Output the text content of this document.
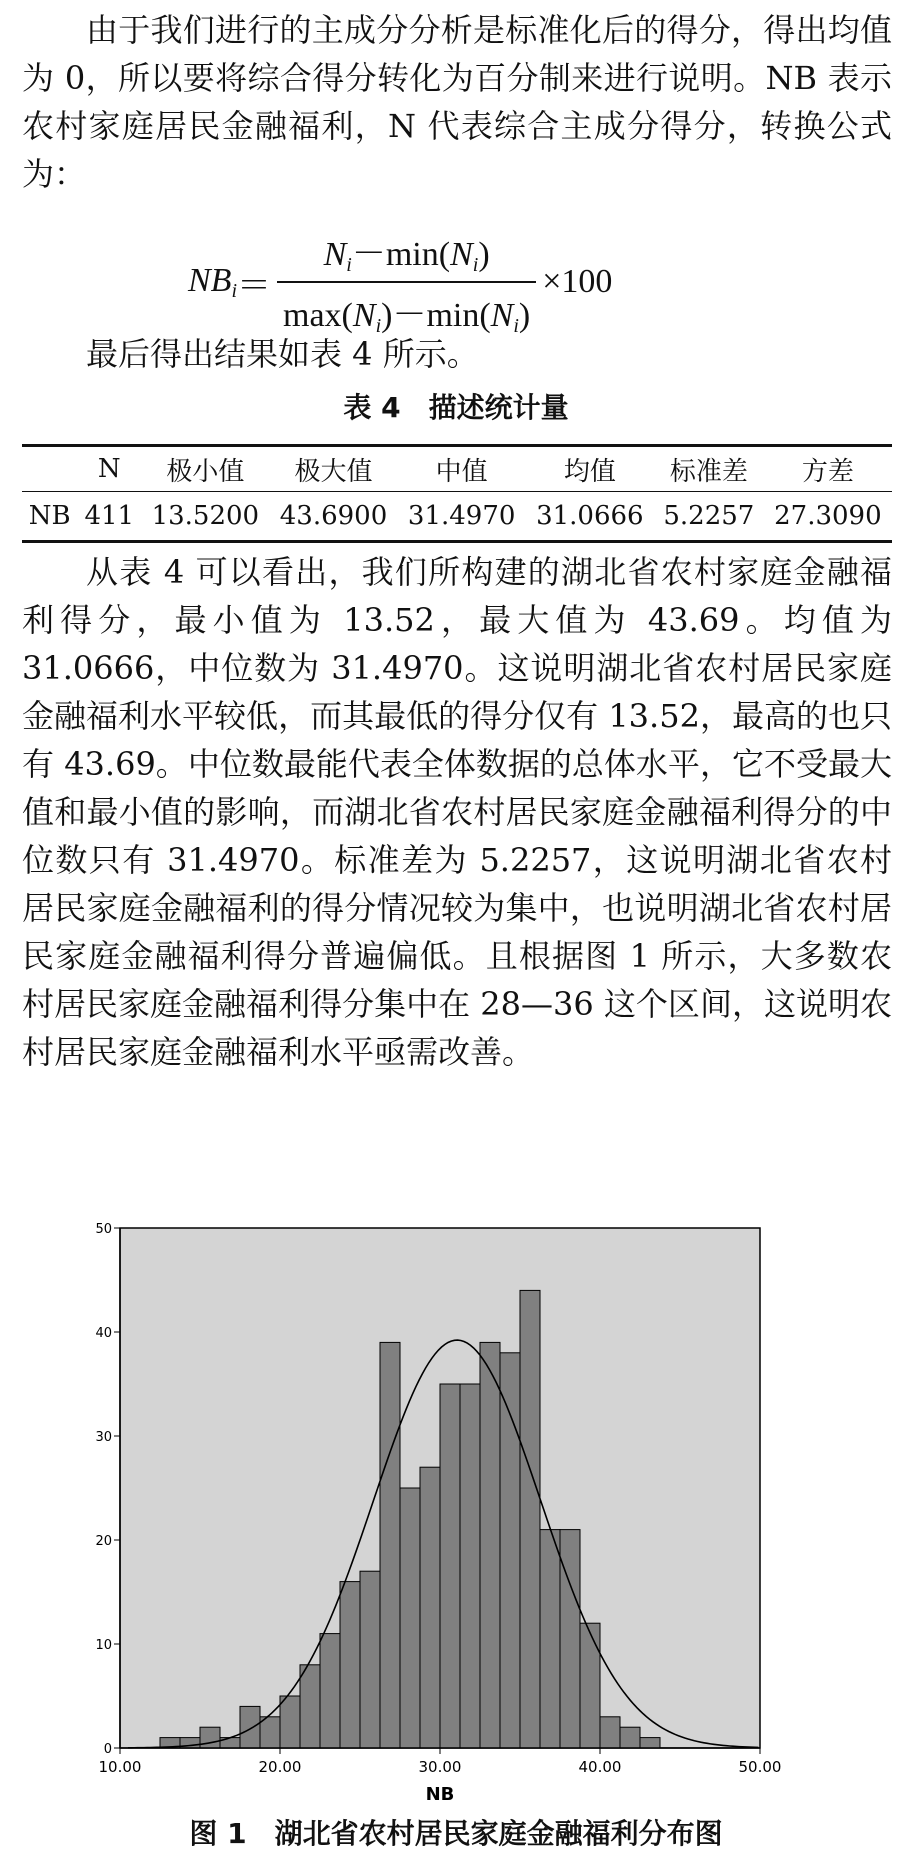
由于我们进行的主成分分析是标准化后的得分，得出均值为 0，所以要将综合得分转化为百分制来进行说明。NB 表示农村家庭居民金融福利，N 代表综合主成分得分，转换公式为：

$NB_i = \frac{N_i-\min(N_i)}{\max(N_i)-\min(N_i)} \times 100$

最后得出结果如表 4 所示。

表 4　描述统计量
	N	极小值	极大值	中值	均值	标准差	方差
NB	411	13.5200	43.6900	31.4970	31.0666	5.2257	27.3090

从表 4 可以看出，我们所构建的湖北省农村家庭金融福利得分，最小值为 13.52，最大值为 43.69。均值为 31.0666，中位数为 31.4970。这说明湖北省农村居民家庭金融福利水平较低，而其最低的得分仅有 13.52，最高的也只有 43.69。中位数最能代表全体数据的总体水平，它不受最大值和最小值的影响，而湖北省农村居民家庭金融福利得分的中位数只有 31.4970。标准差为 5.2257，这说明湖北省农村居民家庭金融福利的得分情况较为集中，也说明湖北省农村居民家庭金融福利得分普遍偏低。且根据图 1 所示，大多数农村居民家庭金融福利得分集中在 28—36 这个区间，这说明农村居民家庭金融福利水平亟需改善。

0
10
20
30
40
50
10.00	20.00	30.00	40.00	50.00
NB
图 1　湖北省农村居民家庭金融福利分布图
